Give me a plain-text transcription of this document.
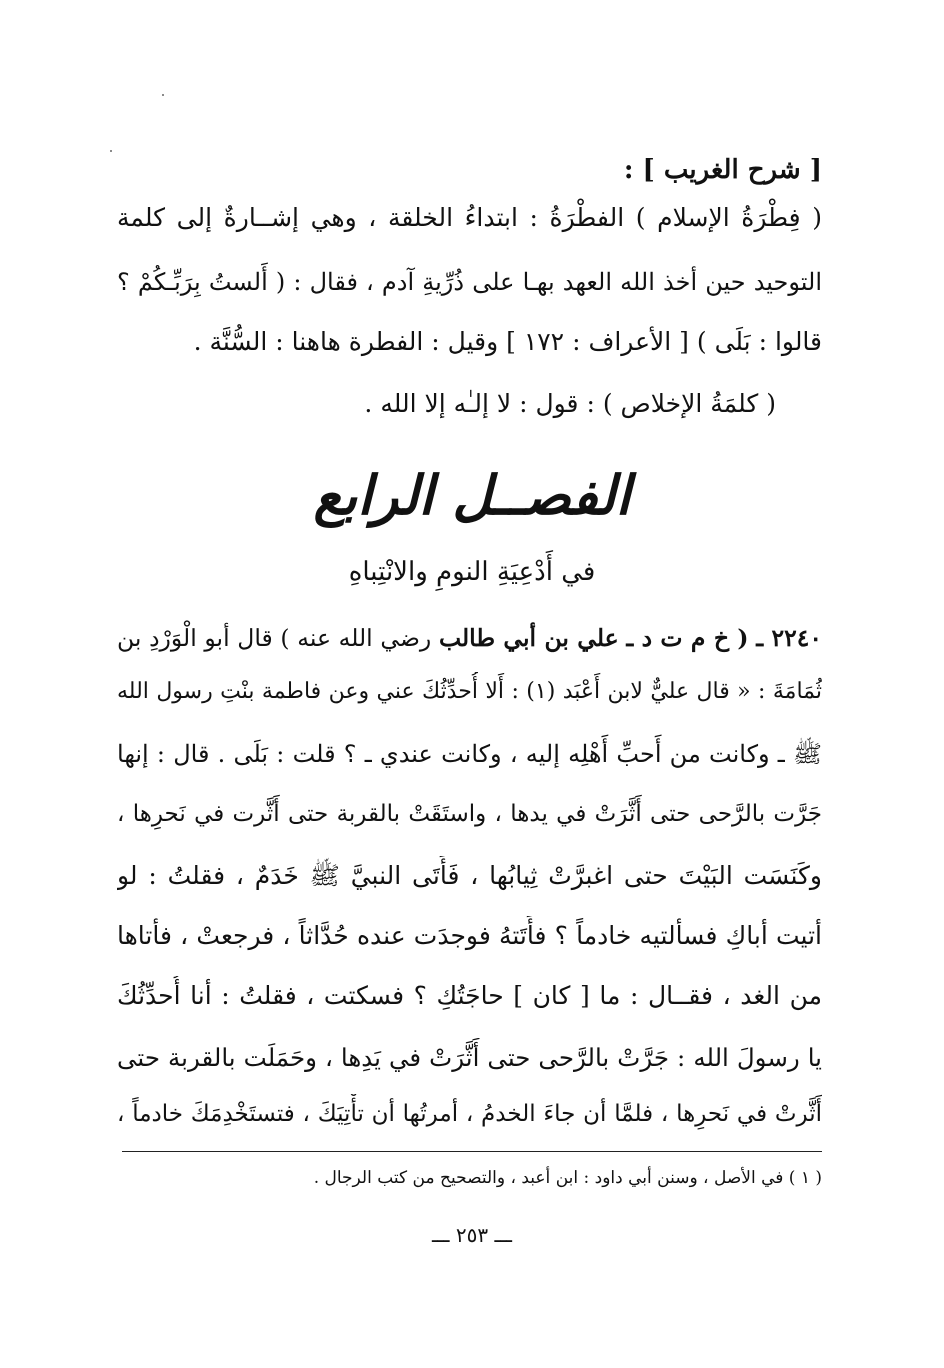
[ شرح الغريب ] :
( فِطْرَةُ الإسلام ) الفطْرَةُ : ابتداءُ الخلقة ، وهي إشــارةٌ إلى كلمة
التوحيد حين أخذ الله العهد بهـا على ذُرِّيةِ آدم ، فقال : ( أَلستُ بِرَبِّـكُمْ ؟
قالوا : بَلَى ) [ الأعراف : ١٧٢ ] وقيل : الفطرة هاهنا : السُّنَّة .
( كلمَةُ الإخلاص ) : قول : لا إلـٰه إلا الله .
الفصــل الرابع
في أَدْعِيَةِ النومِ والانْتِباهِ
٢٢٤٠ ـ ( خ م ت د ـ علي بن أبي طالب رضي الله عنه ) قال أبو الْوَرْدِ بن
ثُمَامَةَ : « قال عليٌّ لابن أَعْبَد (١) : أَلا أُحدِّثُكَ عني وعن فاطمة بنْتِ رسول الله
ﷺ ـ وكانت من أَحبِّ أَهْلِه إليه ، وكانت عندي ـ ؟ قلت : بَلَى . قال : إنها
جَرَّت بالرَّحى حتى أَثَّرَتْ في يدها ، واستَقَتْ بالقربة حتى أَثَّرت في نَحرِها ،
وكَنَسَت البَيْتَ حتى اغبرَّتْ ثِيابُها ، فَأَتَى النبيَّ ﷺ خَدَمٌ ، فقلتُ : لو
أتيت أباكِ فسألتيه خادماً ؟ فأَتَتهُ فوجدَت عنده حُدَّاثاً ، فرجعتْ ، فأتاها
من الغد ، فقــال : ما [ كان ] حاجَتُكِ ؟ فسكتت ، فقلتُ : أنا أُحدِّثُكَ
يا رسولَ الله : جَرَّتْ بالرَّحى حتى أَثَّرَتْ في يَدِها ، وحَمَلَت بالقربة حتى
أَثَّرتْ في نَحرِها ، فلمَّا أن جاءَ الخدمُ ، أمرتُها أن تأْتِيَكَ ، فتستَخْدِمَكَ خادماً ،
( ١ ) في الأصل ، وسنن أبي داود : ابن أعبد ، والتصحيح من كتب الرجال .
ـــ ٢٥٣ ـــ
